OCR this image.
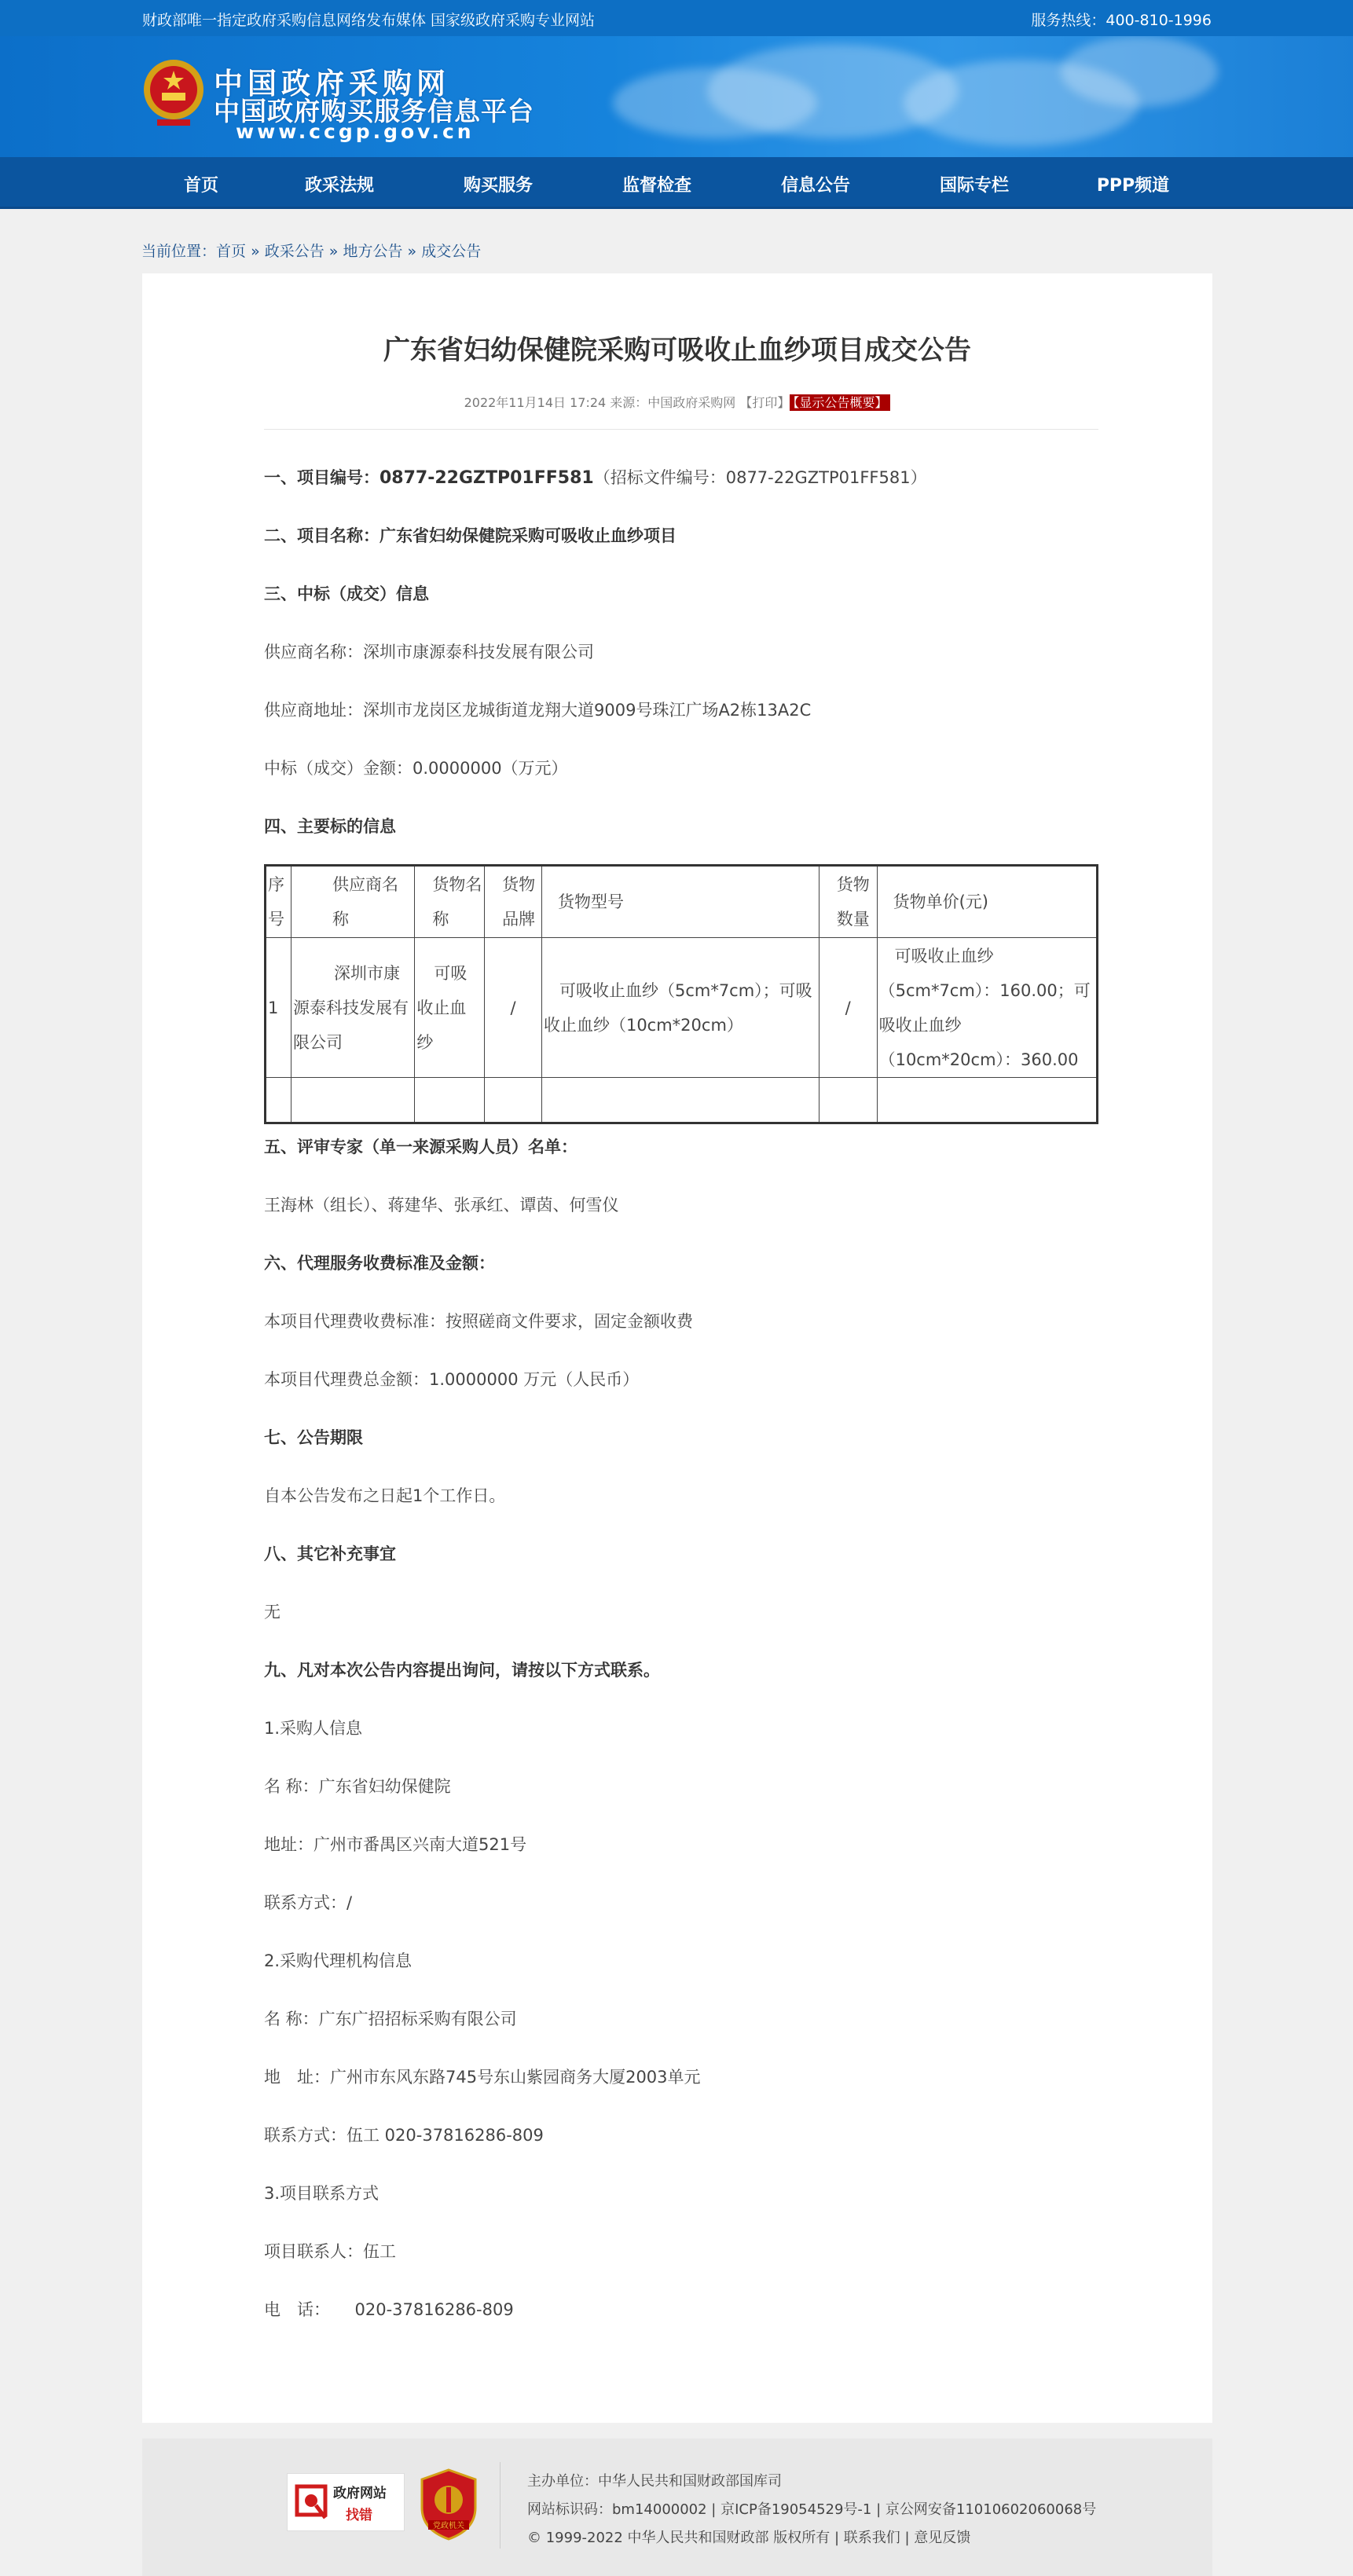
财政部唯一指定政府采购信息网络发布媒体 国家级政府采购专业网站	服务热线：400-810-1996
中国政府采购网
中国政府购买服务信息平台
www.ccgp.gov.cn
首页	政采法规	购买服务	监督检查	信息公告	国际专栏	PPP频道
当前位置：首页 » 政采公告 » 地方公告 » 成交公告
广东省妇幼保健院采购可吸收止血纱项目成交公告
2022年11月14日 17:24 来源：中国政府采购网 【打印】 【显示公告概要】
一、项目编号：0877-22GZTP01FF581（招标文件编号：0877-22GZTP01FF581）
二、项目名称：广东省妇幼保健院采购可吸收止血纱项目
三、中标（成交）信息
供应商名称：深圳市康源泰科技发展有限公司
供应商地址：深圳市龙岗区龙城街道龙翔大道9009号珠江广场A2栋13A2C
中标（成交）金额：0.0000000（万元）
四、主要标的信息
序号	供应商名称	货物名称	货物品牌	货物型号	货物数量	货物单价(元)
1	深圳市康源泰科技发展有限公司	可吸收止血纱	/	可吸收止血纱（5cm*7cm）；可吸收止血纱（10cm*20cm）	/	可吸收止血纱（5cm*7cm）：160.00；可吸收止血纱（10cm*20cm）：360.00

五、评审专家（单一来源采购人员）名单：
王海林（组长）、蒋建华、张承红、谭茵、何雪仪
六、代理服务收费标准及金额：
本项目代理费收费标准：按照磋商文件要求，固定金额收费
本项目代理费总金额：1.0000000 万元（人民币）
七、公告期限
自本公告发布之日起1个工作日。
八、其它补充事宜
无
九、凡对本次公告内容提出询问，请按以下方式联系。
1.采购人信息
名 称：广东省妇幼保健院
地址：广州市番禺区兴南大道521号
联系方式：/
2.采购代理机构信息
名 称：广东广招招标采购有限公司
地　址：广州市东风东路745号东山紫园商务大厦2003单元
联系方式：伍工 020-37816286-809
3.项目联系方式
项目联系人：伍工
电　话：　　020-37816286-809
政府网站
找错
党政机关
主办单位：中华人民共和国财政部国库司
网站标识码：bm14000002 | 京ICP备19054529号-1 | 京公网安备11010602060068号
© 1999-2022 中华人民共和国财政部 版权所有 | 联系我们 | 意见反馈
